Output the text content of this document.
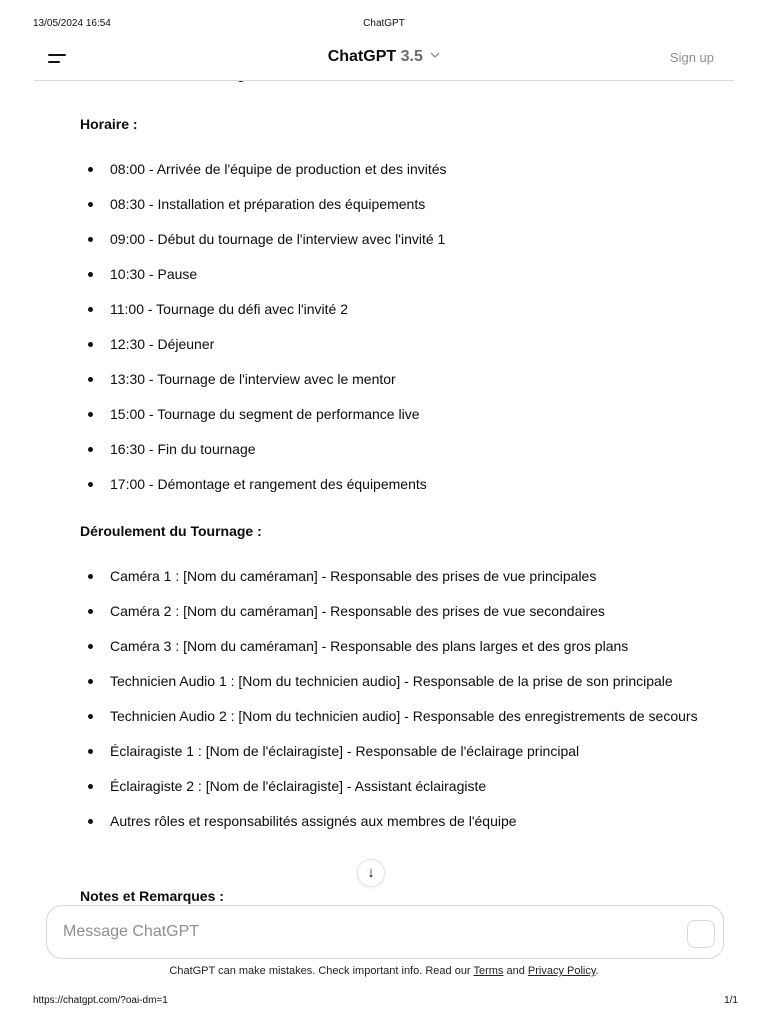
13/05/2024 16:54	ChatGPT
ChatGPT 3.5	Sign up

Horaire :

08:00 - Arrivée de l'équipe de production et des invités
08:30 - Installation et préparation des équipements
09:00 - Début du tournage de l'interview avec l'invité 1
10:30 - Pause
11:00 - Tournage du défi avec l'invité 2
12:30 - Déjeuner
13:30 - Tournage de l'interview avec le mentor
15:00 - Tournage du segment de performance live
16:30 - Fin du tournage
17:00 - Démontage et rangement des équipements

Déroulement du Tournage :

Caméra 1 : [Nom du caméraman] - Responsable des prises de vue principales
Caméra 2 : [Nom du caméraman] - Responsable des prises de vue secondaires
Caméra 3 : [Nom du caméraman] - Responsable des plans larges et des gros plans
Technicien Audio 1 : [Nom du technicien audio] - Responsable de la prise de son principale
Technicien Audio 2 : [Nom du technicien audio] - Responsable des enregistrements de secours
Éclairagiste 1 : [Nom de l'éclairagiste] - Responsable de l'éclairage principal
Éclairagiste 2 : [Nom de l'éclairagiste] - Assistant éclairagiste
Autres rôles et responsabilités assignés aux membres de l'équipe

Notes et Remarques :

↓
Message ChatGPT
ChatGPT can make mistakes. Check important info. Read our Terms and Privacy Policy.
https://chatgpt.com/?oai-dm=1	1/1
